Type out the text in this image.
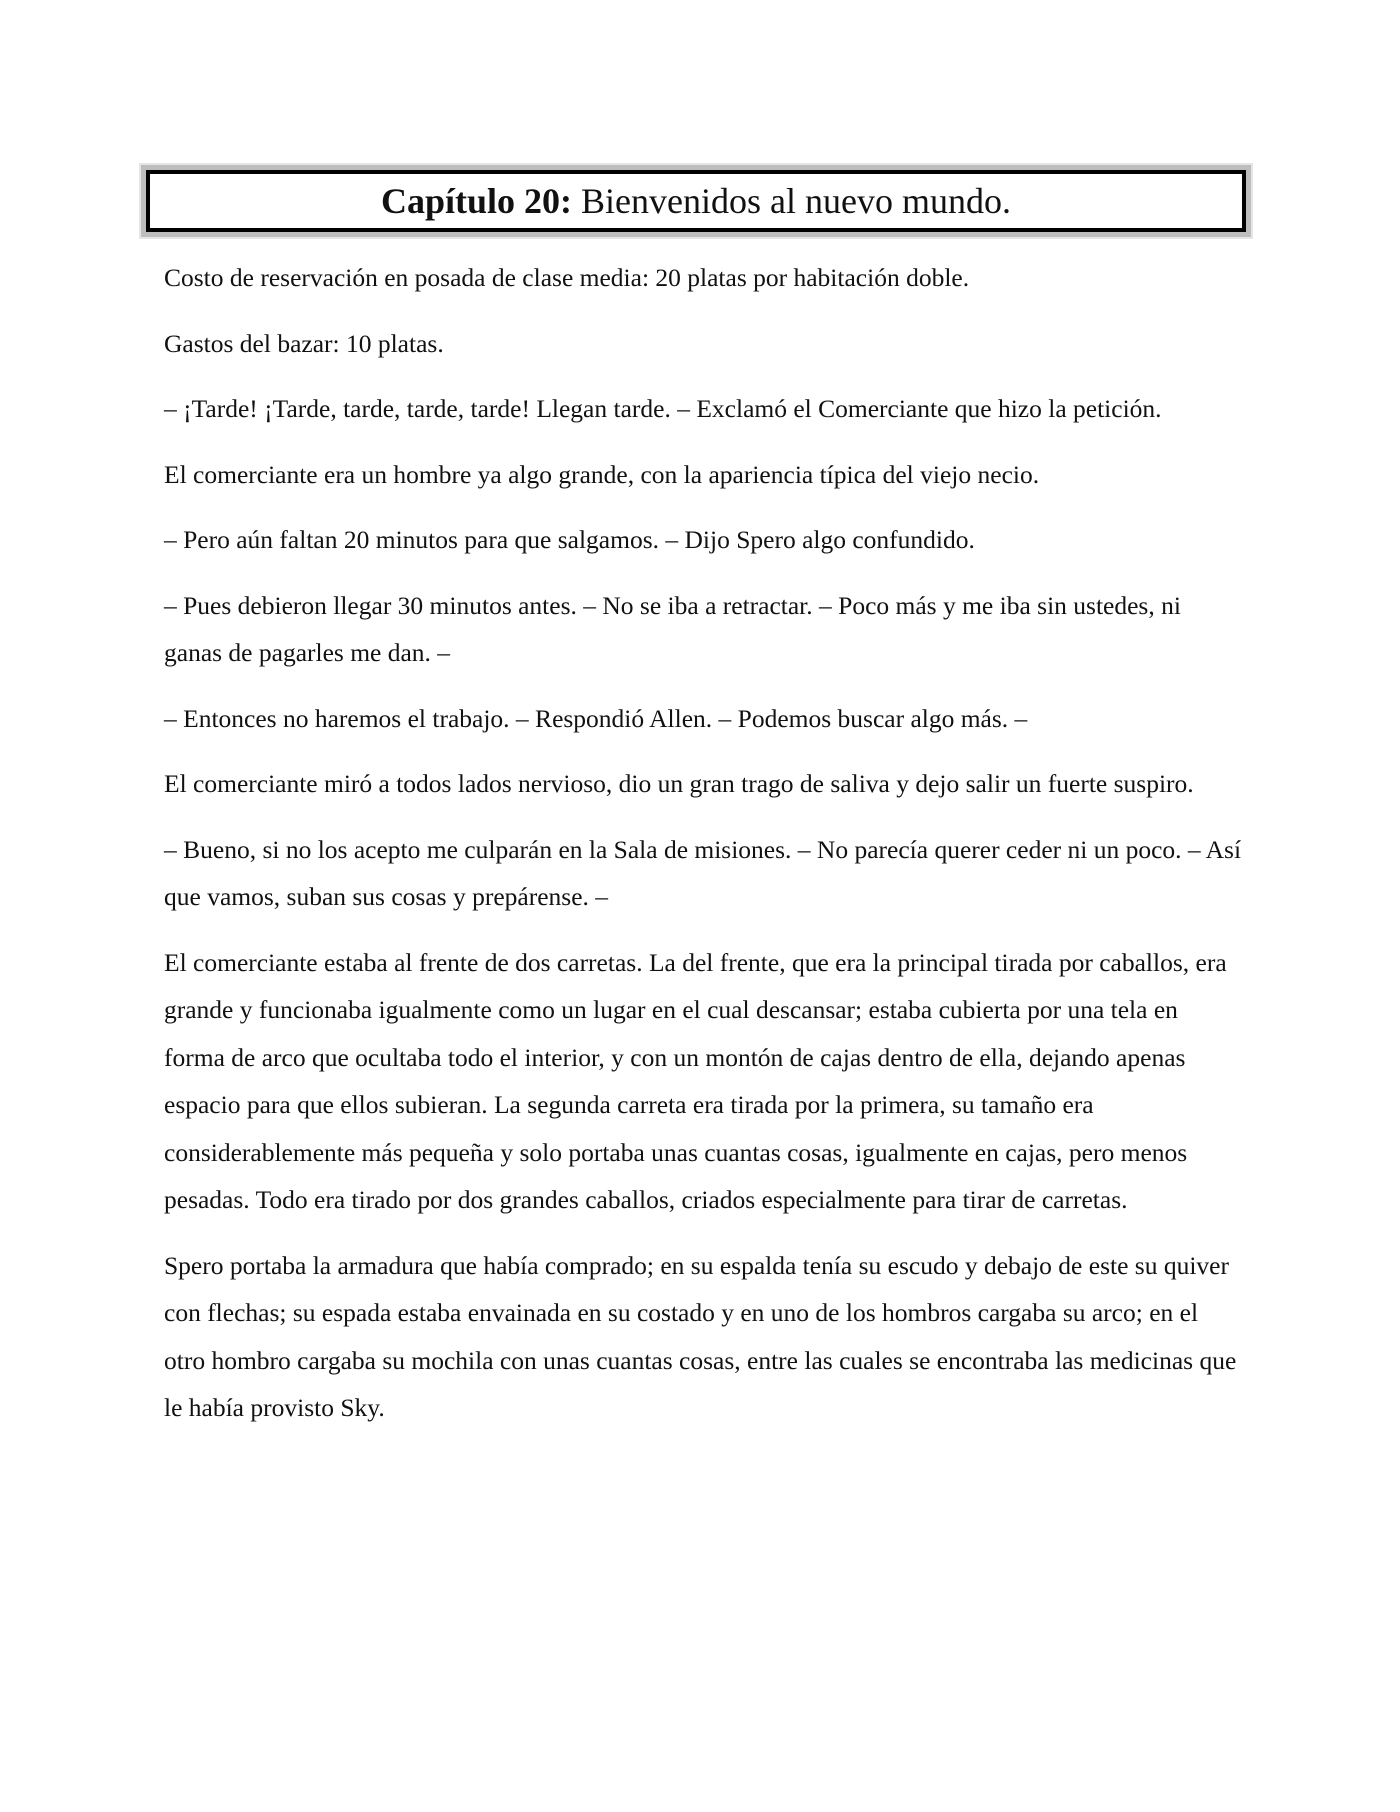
Capítulo 20: Bienvenidos al nuevo mundo.

Costo de reservación en posada de clase media: 20 platas por habitación doble.

Gastos del bazar: 10 platas.

– ¡Tarde! ¡Tarde, tarde, tarde, tarde! Llegan tarde. – Exclamó el Comerciante que hizo la petición.

El comerciante era un hombre ya algo grande, con la apariencia típica del viejo necio.

– Pero aún faltan 20 minutos para que salgamos. – Dijo Spero algo confundido.

– Pues debieron llegar 30 minutos antes. – No se iba a retractar. – Poco más y me iba sin ustedes, ni ganas de pagarles me dan. –

– Entonces no haremos el trabajo. – Respondió Allen. – Podemos buscar algo más. –

El comerciante miró a todos lados nervioso, dio un gran trago de saliva y dejo salir un fuerte suspiro.

– Bueno, si no los acepto me culparán en la Sala de misiones. – No parecía querer ceder ni un poco. – Así que vamos, suban sus cosas y prepárense. –

El comerciante estaba al frente de dos carretas. La del frente, que era la principal tirada por caballos, era grande y funcionaba igualmente como un lugar en el cual descansar; estaba cubierta por una tela en forma de arco que ocultaba todo el interior, y con un montón de cajas dentro de ella, dejando apenas espacio para que ellos subieran. La segunda carreta era tirada por la primera, su tamaño era considerablemente más pequeña y solo portaba unas cuantas cosas, igualmente en cajas, pero menos pesadas. Todo era tirado por dos grandes caballos, criados especialmente para tirar de carretas.

Spero portaba la armadura que había comprado; en su espalda tenía su escudo y debajo de este su quiver con flechas; su espada estaba envainada en su costado y en uno de los hombros cargaba su arco; en el otro hombro cargaba su mochila con unas cuantas cosas, entre las cuales se encontraba las medicinas que le había provisto Sky.
